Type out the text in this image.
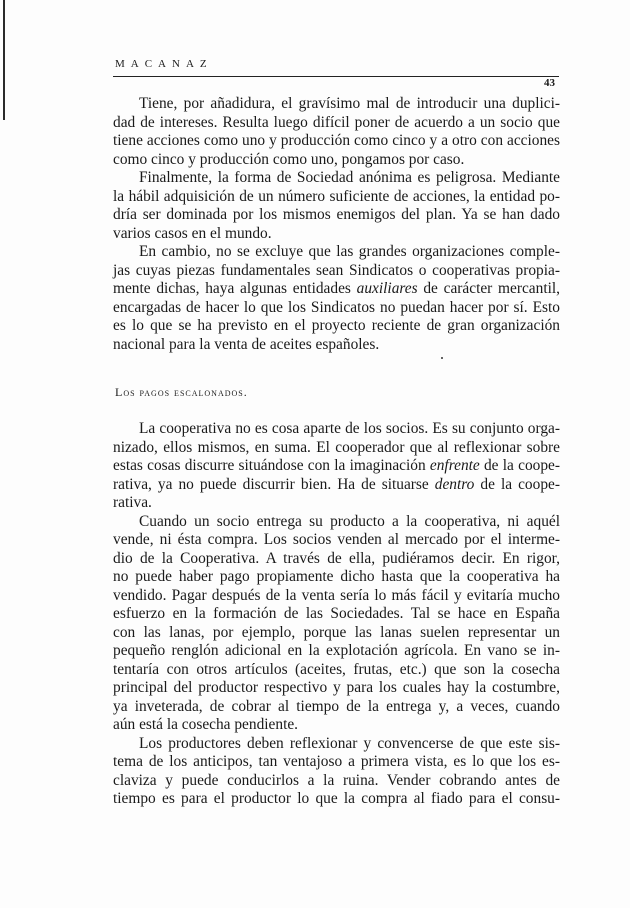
MACANAZ
43
Tiene, por añadidura, el gravísimo mal de introducir una duplici-
dad de intereses. Resulta luego difícil poner de acuerdo a un socio que
tiene acciones como uno y producción como cinco y a otro con acciones
como cinco y producción como uno, pongamos por caso.
Finalmente, la forma de Sociedad anónima es peligrosa. Mediante
la hábil adquisición de un número suficiente de acciones, la entidad po-
dría ser dominada por los mismos enemigos del plan. Ya se han dado
varios casos en el mundo.
En cambio, no se excluye que las grandes organizaciones comple-
jas cuyas piezas fundamentales sean Sindicatos o cooperativas propia-
mente dichas, haya algunas entidades auxiliares de carácter mercantil,
encargadas de hacer lo que los Sindicatos no puedan hacer por sí. Esto
es lo que se ha previsto en el proyecto reciente de gran organización
nacional para la venta de aceites españoles.
Los pagos escalonados.
La cooperativa no es cosa aparte de los socios. Es su conjunto orga-
nizado, ellos mismos, en suma. El cooperador que al reflexionar sobre
estas cosas discurre situándose con la imaginación enfrente de la coope-
rativa, ya no puede discurrir bien. Ha de situarse dentro de la coope-
rativa.
Cuando un socio entrega su producto a la cooperativa, ni aquél
vende, ni ésta compra. Los socios venden al mercado por el interme-
dio de la Cooperativa. A través de ella, pudiéramos decir. En rigor,
no puede haber pago propiamente dicho hasta que la cooperativa ha
vendido. Pagar después de la venta sería lo más fácil y evitaría mucho
esfuerzo en la formación de las Sociedades. Tal se hace en España
con las lanas, por ejemplo, porque las lanas suelen representar un
pequeño renglón adicional en la explotación agrícola. En vano se in-
tentaría con otros artículos (aceites, frutas, etc.) que son la cosecha
principal del productor respectivo y para los cuales hay la costumbre,
ya inveterada, de cobrar al tiempo de la entrega y, a veces, cuando
aún está la cosecha pendiente.
Los productores deben reflexionar y convencerse de que este sis-
tema de los anticipos, tan ventajoso a primera vista, es lo que los es-
claviza y puede conducirlos a la ruina. Vender cobrando antes de
tiempo es para el productor lo que la compra al fiado para el consu-
